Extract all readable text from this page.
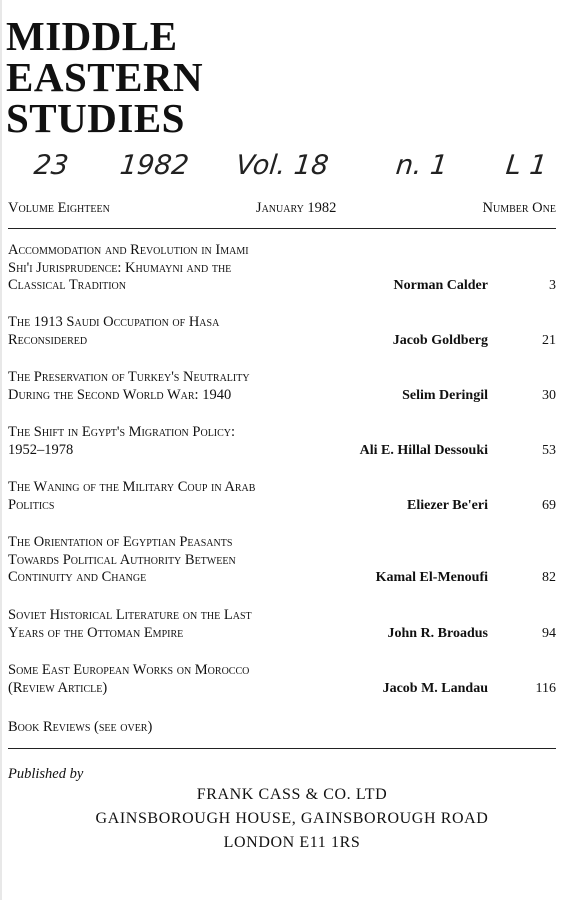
MIDDLE
EASTERN
STUDIES
23 1982 Vol. 18 n. 1 L 1
Volume Eighteen	January 1982	Number One
Accommodation and Revolution in Imami
Shi'i Jurisprudence: Khumayni and the
Classical Tradition	Norman Calder	3
The 1913 Saudi Occupation of Hasa
Reconsidered	Jacob Goldberg	21
The Preservation of Turkey's Neutrality
During the Second World War: 1940	Selim Deringil	30
The Shift in Egypt's Migration Policy:
1952–1978	Ali E. Hillal Dessouki	53
The Waning of the Military Coup in Arab
Politics	Eliezer Be'eri	69
The Orientation of Egyptian Peasants
Towards Political Authority Between
Continuity and Change	Kamal El-Menoufi	82
Soviet Historical Literature on the Last
Years of the Ottoman Empire	John R. Broadus	94
Some East European Works on Morocco
(Review Article)	Jacob M. Landau	116
Book Reviews (see over)
Published by
FRANK CASS & CO. LTD
GAINSBOROUGH HOUSE, GAINSBOROUGH ROAD
LONDON E11 1RS
